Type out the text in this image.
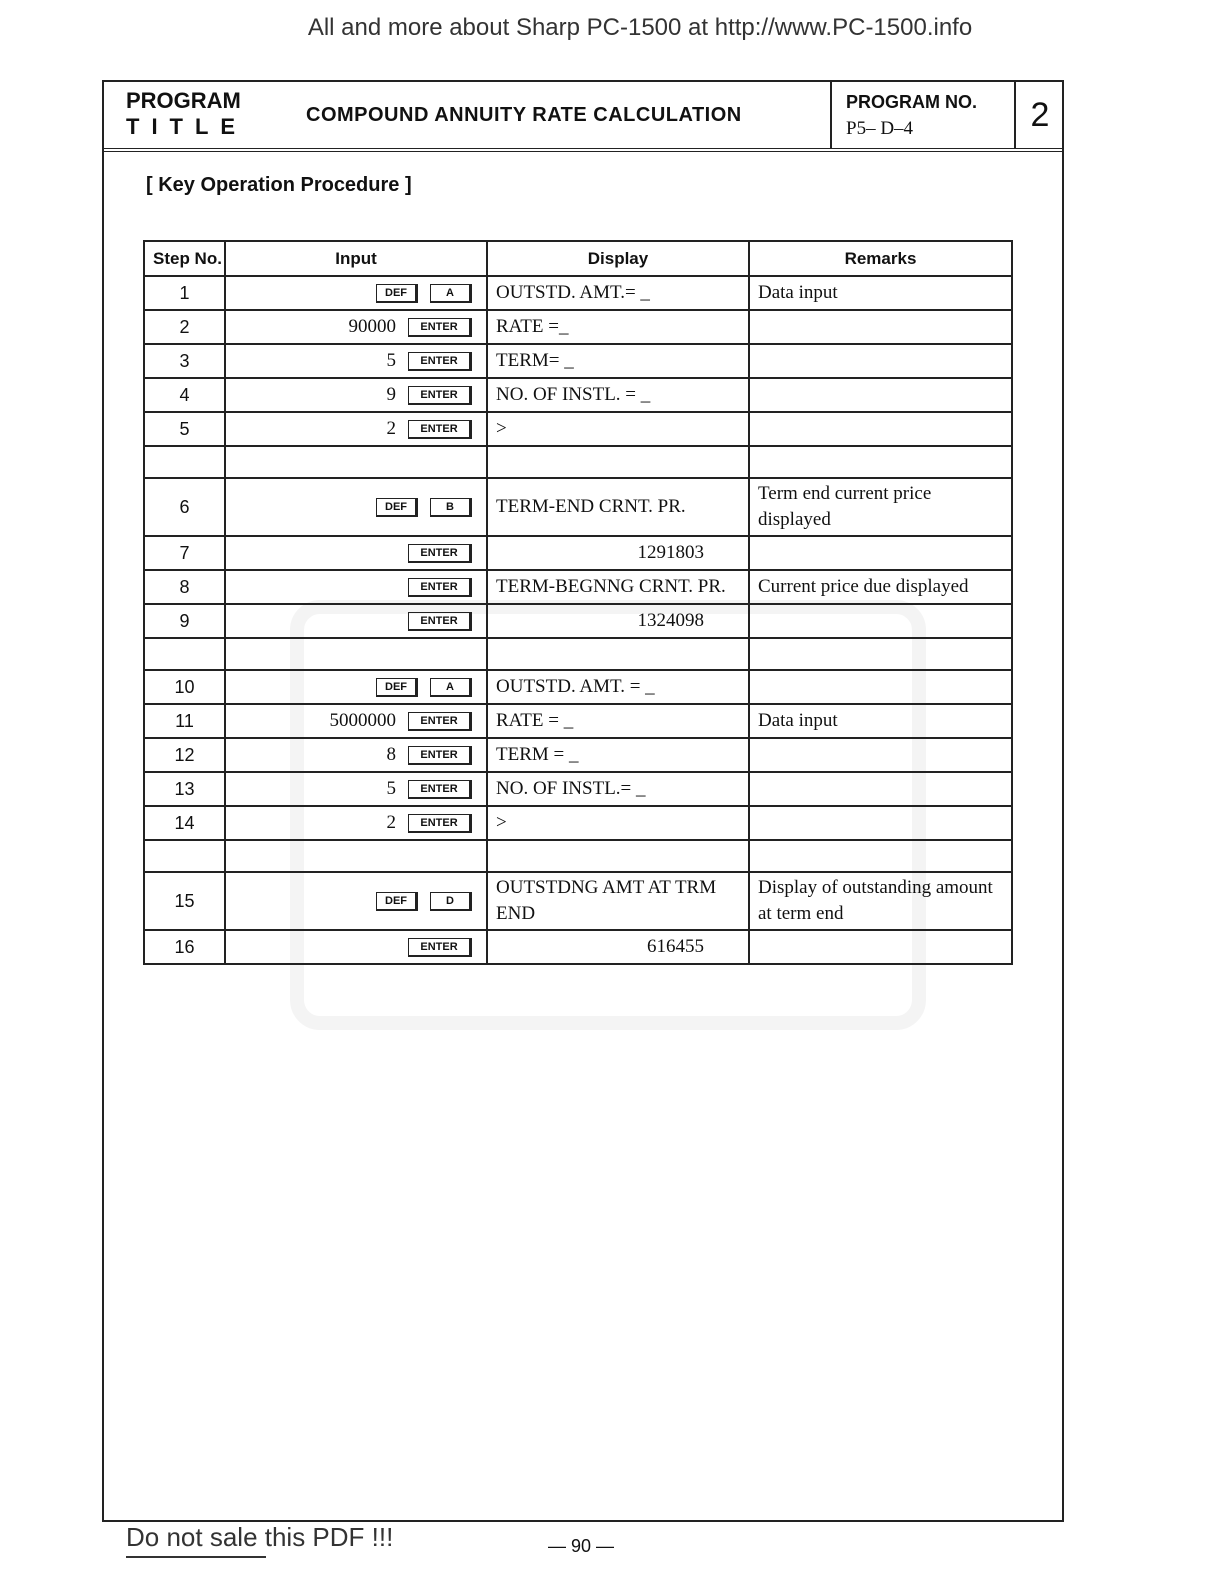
All and more about Sharp PC-1500 at http://www.PC-1500.info
PROGRAM
TITLE	COMPOUND ANNUITY RATE CALCULATION
PROGRAM NO.
P5– D–4	2
[ Key Operation Procedure ]
Step No.	Input	Display	Remarks
1	DEF A	OUTSTD. AMT.= _	Data input
2	90000 ENTER	RATE =_	
3	5 ENTER	TERM= _	
4	9 ENTER	NO. OF INSTL. = _	
5	2 ENTER	>	

6	DEF B	TERM-END CRNT. PR.	Term end current price displayed
7	ENTER	1291803	
8	ENTER	TERM-BEGNNG CRNT. PR.	Current price due displayed
9	ENTER	1324098	

10	DEF A	OUTSTD. AMT. = _	
11	5000000 ENTER	RATE = _	Data input
12	8 ENTER	TERM = _	
13	5 ENTER	NO. OF INSTL.= _	
14	2 ENTER	>	

15	DEF D	OUTSTDNG AMT AT TRM END	Display of outstanding amount at term end
16	ENTER	616455	
Do not sale this PDF !!!	— 90 —
